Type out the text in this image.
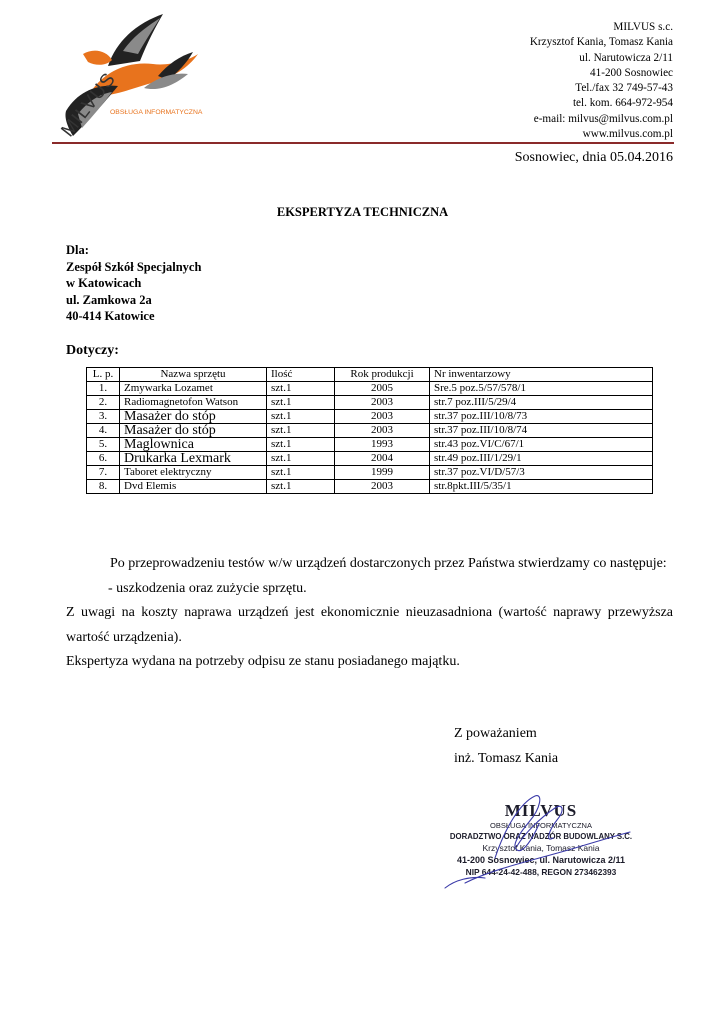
MILVUS
OBSŁUGA INFORMATYCZNA
MILVUS s.c.
Krzysztof Kania, Tomasz Kania
ul. Narutowicza 2/11
41-200 Sosnowiec
Tel./fax 32 749-57-43
tel. kom. 664-972-954
e-mail: milvus@milvus.com.pl
www.milvus.com.pl
Sosnowiec, dnia 05.04.2016
EKSPERTYZA TECHNICZNA
Dla:
Zespół Szkół Specjalnych
w Katowicach
ul. Zamkowa 2a
40-414 Katowice
Dotyczy:
L. p.	Nazwa sprzętu	Ilość	Rok produkcji	Nr inwentarzowy
1.	Zmywarka Lozamet	szt.1	2005	Sre.5 poz.5/57/578/1
2.	Radiomagnetofon Watson	szt.1	2003	str.7 poz.III/5/29/4
3.	Masażer do stóp	szt.1	2003	str.37 poz.III/10/8/73
4.	Masażer do stóp	szt.1	2003	str.37 poz.III/10/8/74
5.	Maglownica	szt.1	1993	str.43 poz.VI/C/67/1
6.	Drukarka Lexmark	szt.1	2004	str.49 poz.III/1/29/1
7.	Taboret elektryczny	szt.1	1999	str.37 poz.VI/D/57/3
8.	Dvd Elemis	szt.1	2003	str.8pkt.III/5/35/1

Po przeprowadzeniu testów w/w urządzeń dostarczonych przez Państwa stwierdzamy co następuje:

- uszkodzenia oraz zużycie sprzętu.

Z uwagi na koszty naprawa urządzeń jest ekonomicznie nieuzasadniona (wartość naprawy przewyższa wartość urządzenia).

Ekspertyza wydana na potrzeby odpisu ze stanu posiadanego majątku.

Z poważaniem
inż. Tomasz Kania
MILVUS
OBSŁUGA INFORMATYCZNA
DORADZTWO ORAZ NADZÓR BUDOWLANY S.C.
Krzysztof Kania, Tomasz Kania
41-200 Sosnowiec, ul. Narutowicza 2/11
NIP 644-24-42-488, REGON 273462393
